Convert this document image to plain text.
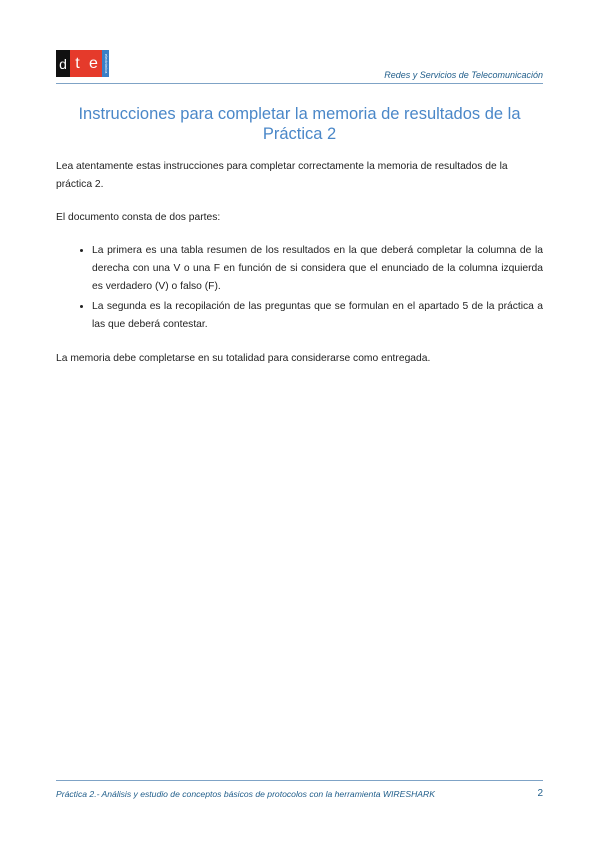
d t e	electrónica
Redes y Servicios de Telecomunicación
Instrucciones para completar la memoria de resultados de la Práctica 2

Lea atentamente estas instrucciones para completar correctamente la memoria de resultados de la práctica 2.

El documento consta de dos partes:

• La primera es una tabla resumen de los resultados en la que deberá completar la columna de la derecha con una V o una F en función de si considera que el enunciado de la columna izquierda es verdadero (V) o falso (F).
• La segunda es la recopilación de las preguntas que se formulan en el apartado 5 de la práctica a las que deberá contestar.

La memoria debe completarse en su totalidad para considerarse como entregada.

Práctica 2.- Análisis y estudio de conceptos básicos de protocolos con la herramienta WIRESHARK	2
